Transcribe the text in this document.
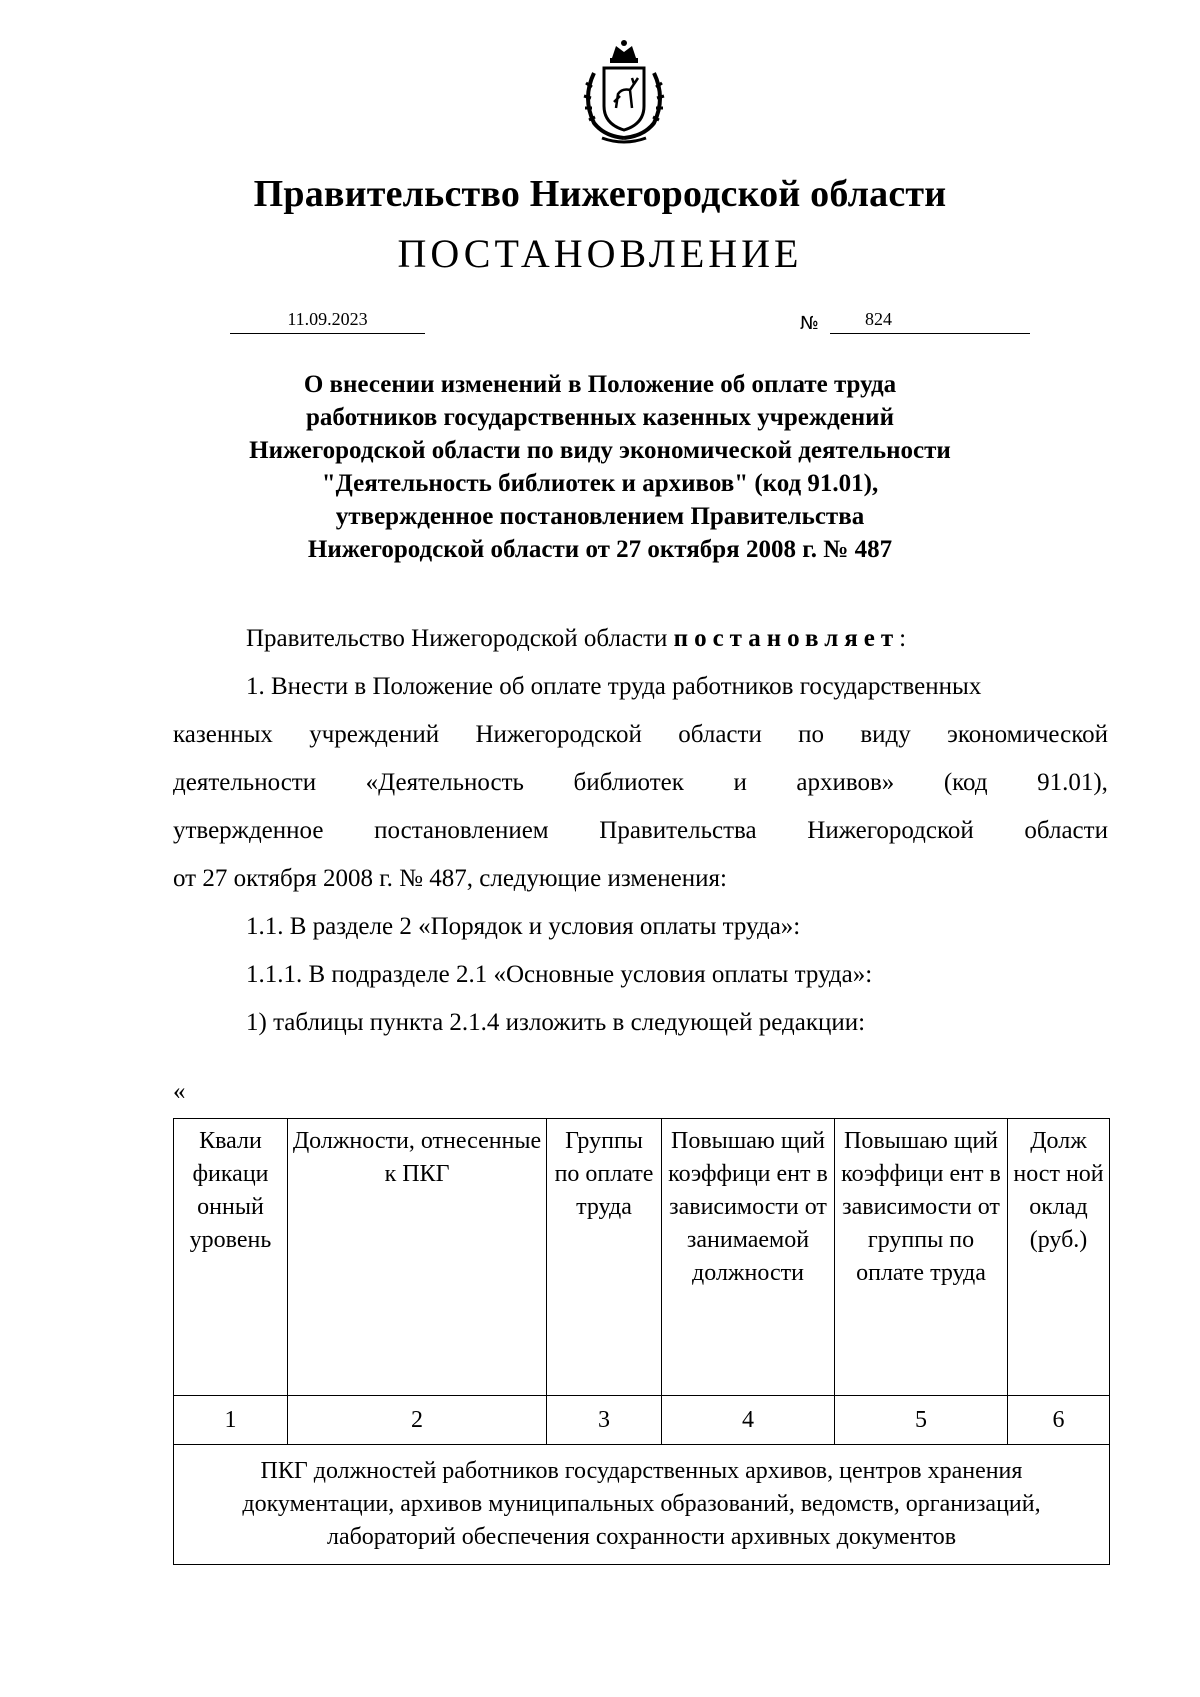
Правительство Нижегородской области
ПОСТАНОВЛЕНИЕ
11.09.2023	№	824
О внесении изменений в Положение об оплате труда
работников государственных казенных учреждений
Нижегородской области по виду экономической деятельности
"Деятельность библиотек и архивов" (код 91.01),
утвержденное постановлением Правительства
Нижегородской области от 27 октября 2008 г. № 487
Правительство Нижегородской области постановляет:
1. Внести в Положение об оплате труда работников государственных
казенных учреждений Нижегородской области по виду экономической
деятельности «Деятельность библиотек и архивов» (код 91.01),
утвержденное постановлением Правительства Нижегородской области
от 27 октября 2008 г. № 487, следующие изменения:
1.1. В разделе 2 «Порядок и условия оплаты труда»:
1.1.1. В подразделе 2.1 «Основные условия оплаты труда»:
1) таблицы пункта 2.1.4 изложить в следующей редакции:
«
Квали фикаци онный уровень	Должности, отнесенные к ПКГ	Группы по оплате труда	Повышаю щий коэффици ент в зависимости от занимаемой должности	Повышаю щий коэффици ент в зависимости от группы по оплате труда	Долж ност ной оклад (руб.)
1	2	3	4	5	6
ПКГ должностей работников государственных архивов, центров хранения документации, архивов муниципальных образований, ведомств, организаций, лабораторий обеспечения сохранности архивных документов					
